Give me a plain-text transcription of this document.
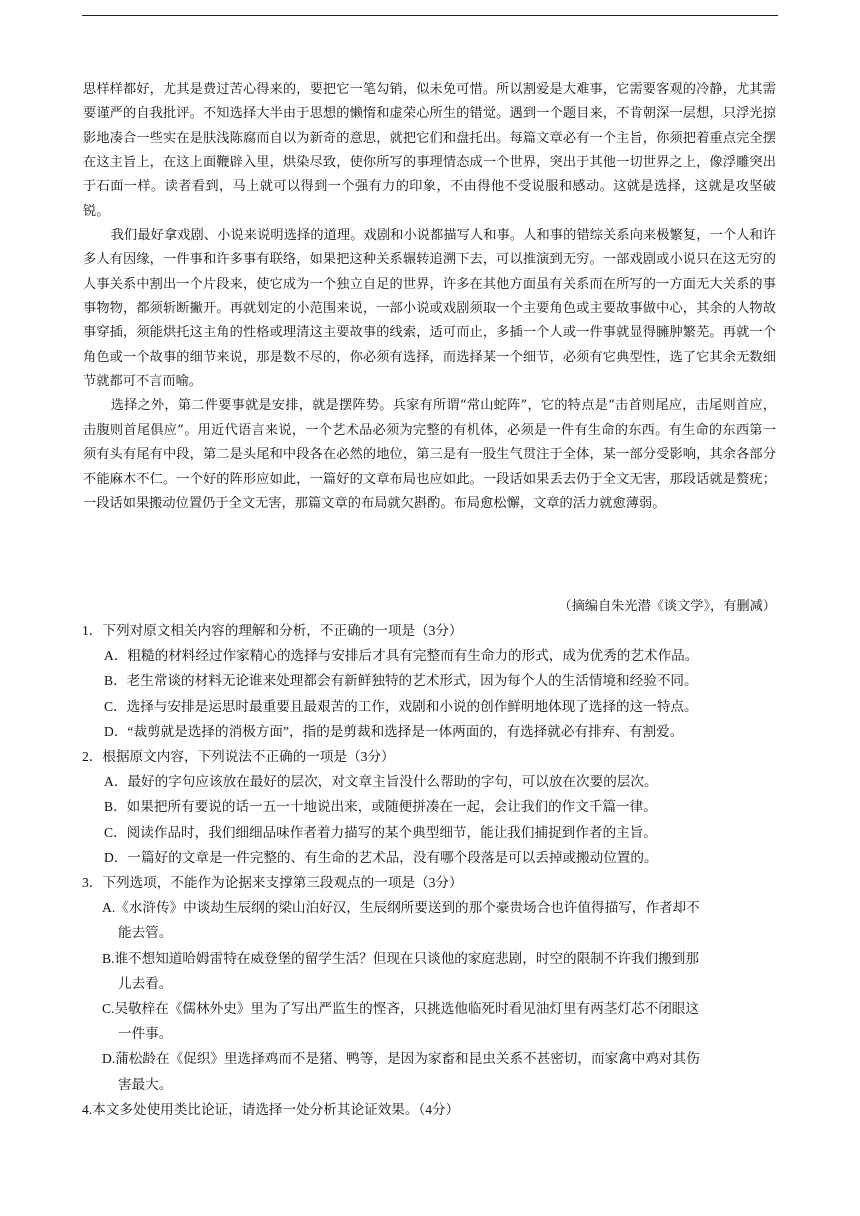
思样样都好，尤其是费过苦心得来的，要把它一笔勾销，似未免可惜。所以割爱是大难事，它需要客观的冷静，尤其需要谨严的自我批评。不知选择大半由于思想的懒惰和虚荣心所生的错觉。遇到一个题目来，不肯朝深一层想，只浮光掠影地凑合一些实在是肤浅陈腐而自以为新奇的意思，就把它们和盘托出。每篇文章必有一个主旨，你须把着重点完全摆在这主旨上，在这上面鞭辟入里，烘染尽致，使你所写的事理情态成一个世界，突出于其他一切世界之上，像浮雕突出于石面一样。读者看到，马上就可以得到一个强有力的印象，不由得他不受说服和感动。这就是选择，这就是攻坚破锐。

我们最好拿戏剧、小说来说明选择的道理。戏剧和小说都描写人和事。人和事的错综关系向来极繁复，一个人和许多人有因缘，一件事和许多事有联络，如果把这种关系辗转追溯下去，可以推演到无穷。一部戏剧或小说只在这无穷的人事关系中割出一个片段来，使它成为一个独立自足的世界，许多在其他方面虽有关系而在所写的一方面无大关系的事事物物，都须斩断撇开。再就划定的小范围来说，一部小说或戏剧须取一个主要角色或主要故事做中心，其余的人物故事穿插，须能烘托这主角的性格或理清这主要故事的线索，适可而止，多插一个人或一件事就显得臃肿繁芜。再就一个角色或一个故事的细节来说，那是数不尽的，你必须有选择，而选择某一个细节，必须有它典型性，选了它其余无数细节就都可不言而喻。

选择之外，第二件要事就是安排，就是摆阵势。兵家有所谓“常山蛇阵”，它的特点是“击首则尾应，击尾则首应，击腹则首尾俱应”。用近代语言来说，一个艺术品必须为完整的有机体，必须是一件有生命的东西。有生命的东西第一须有头有尾有中段，第二是头尾和中段各在必然的地位，第三是有一股生气贯注于全体，某一部分受影响，其余各部分不能麻木不仁。一个好的阵形应如此，一篇好的文章布局也应如此。一段话如果丢去仍于全文无害，那段话就是赘疣；一段话如果搬动位置仍于全文无害，那篇文章的布局就欠斟酌。布局愈松懈，文章的活力就愈薄弱。

（摘编自朱光潜《谈文学》，有删减）

1．下列对原文相关内容的理解和分析，不正确的一项是（3分）

A．粗糙的材料经过作家精心的选择与安排后才具有完整而有生命力的形式，成为优秀的艺术作品。

B．老生常谈的材料无论谁来处理都会有新鲜独特的艺术形式，因为每个人的生活情境和经验不同。

C．选择与安排是运思时最重要且最艰苦的工作，戏剧和小说的创作鲜明地体现了选择的这一特点。

D．“裁剪就是选择的消极方面”，指的是剪裁和选择是一体两面的，有选择就必有排弃、有割爱。

2．根据原文内容，下列说法不正确的一项是（3分）

A．最好的字句应该放在最好的层次，对文章主旨没什么帮助的字句，可以放在次要的层次。

B．如果把所有要说的话一五一十地说出来，或随便拼凑在一起，会让我们的作文千篇一律。

C．阅读作品时，我们细细品味作者着力描写的某个典型细节，能让我们捕捉到作者的主旨。

D．一篇好的文章是一件完整的、有生命的艺术品，没有哪个段落是可以丢掉或搬动位置的。

3．下列选项，不能作为论据来支撑第三段观点的一项是（3分）

A.《水浒传》中谈劫生辰纲的梁山泊好汉，生辰纲所要送到的那个豪贵场合也许值得描写，作者却不
能去管。

B.谁不想知道哈姆雷特在威登堡的留学生活？但现在只谈他的家庭悲剧，时空的限制不许我们搬到那
儿去看。

C.吴敬梓在《儒林外史》里为了写出严监生的悭吝，只挑选他临死时看见油灯里有两茎灯芯不闭眼这
一件事。

D.蒲松龄在《促织》里选择鸡而不是猪、鸭等，是因为家畜和昆虫关系不甚密切，而家禽中鸡对其伤
害最大。

4.本文多处使用类比论证，请选择一处分析其论证效果。（4分）
